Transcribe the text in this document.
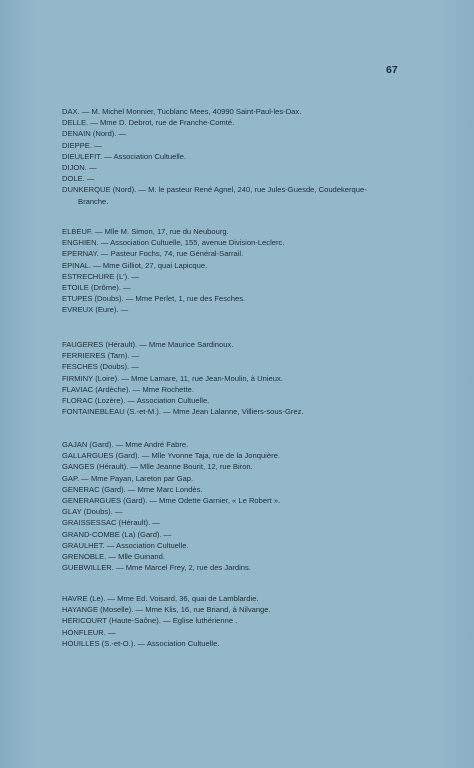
67

DAX. — M. Michel Monnier, Tucblanc Mees, 40990 Saint-Paul-les-Dax.

DELLE. — Mme D. Debrot, rue de Franche-Comté.

DENAIN (Nord). —

DIEPPE. —

DIEULEFIT. — Association Cultuelle.

DIJON. —

DOLE. —

DUNKERQUE (Nord). — M. le pasteur René Agnel, 240, rue Jules-Guesde, Coudekerque-

Branche.

ELBEUF. — Mlle M. Simon, 17, rue du Neubourg.

ENGHIEN. — Association Cultuelle, 155, avenue Division-Leclerc.

EPERNAY. — Pasteur Fochs, 74, rue Général-Sarrail.

EPINAL. — Mme Gilliot, 27, quai Lapicque.

ESTRECHURE (L'). —

ETOILE (Drôme). —

ETUPES (Doubs). — Mme Perlet, 1, rue des Fesches.

EVREUX (Eure). —

FAUGERES (Hérault). — Mme Maurice Sardinoux.

FERRIERES (Tarn). —

FESCHES (Doubs). —

FIRMINY (Loire). — Mme Lamare, 11, rue Jean-Moulin, à Unieux.

FLAVIAC (Ardèche). — Mme Rochette.

FLORAC (Lozère). — Association Cultuelle.

FONTAINEBLEAU (S.-et-M.). — Mme Jean Lalanne, Villiers-sous-Grez.

GAJAN (Gard). — Mme André Fabre.

GALLARGUES (Gard). — Mlle Yvonne Taja, rue de la Jonquière.

GANGES (Hérault). — Mlle Jeanne Bourit, 12, rue Biron.

GAP. — Mme Payan, Lareton par Gap.

GENERAC (Gard). — Mme Marc Londès.

GENERARGUES (Gard). — Mme Odette Garnier, « Le Robert ».

GLAY (Doubs). —

GRAISSESSAC (Hérault). —

GRAND-COMBE (La) (Gard). —

GRAULHET. — Association Cultuelle.

GRENOBLE. — Mlle Guinand.

GUEBWILLER. — Mme Marcel Frey, 2, rue des Jardins.

HAVRE (Le). — Mme Ed. Voisard, 36, quai de Lamblardie.

HAYANGE (Moselle). — Mme Klis, 16, rue Briand, à Nilvange.

HERICOURT (Haute-Saône). — Eglise luthérienne .

HONFLEUR. —

HOUILLES (S.-et-O.). — Association Cultuelle.
